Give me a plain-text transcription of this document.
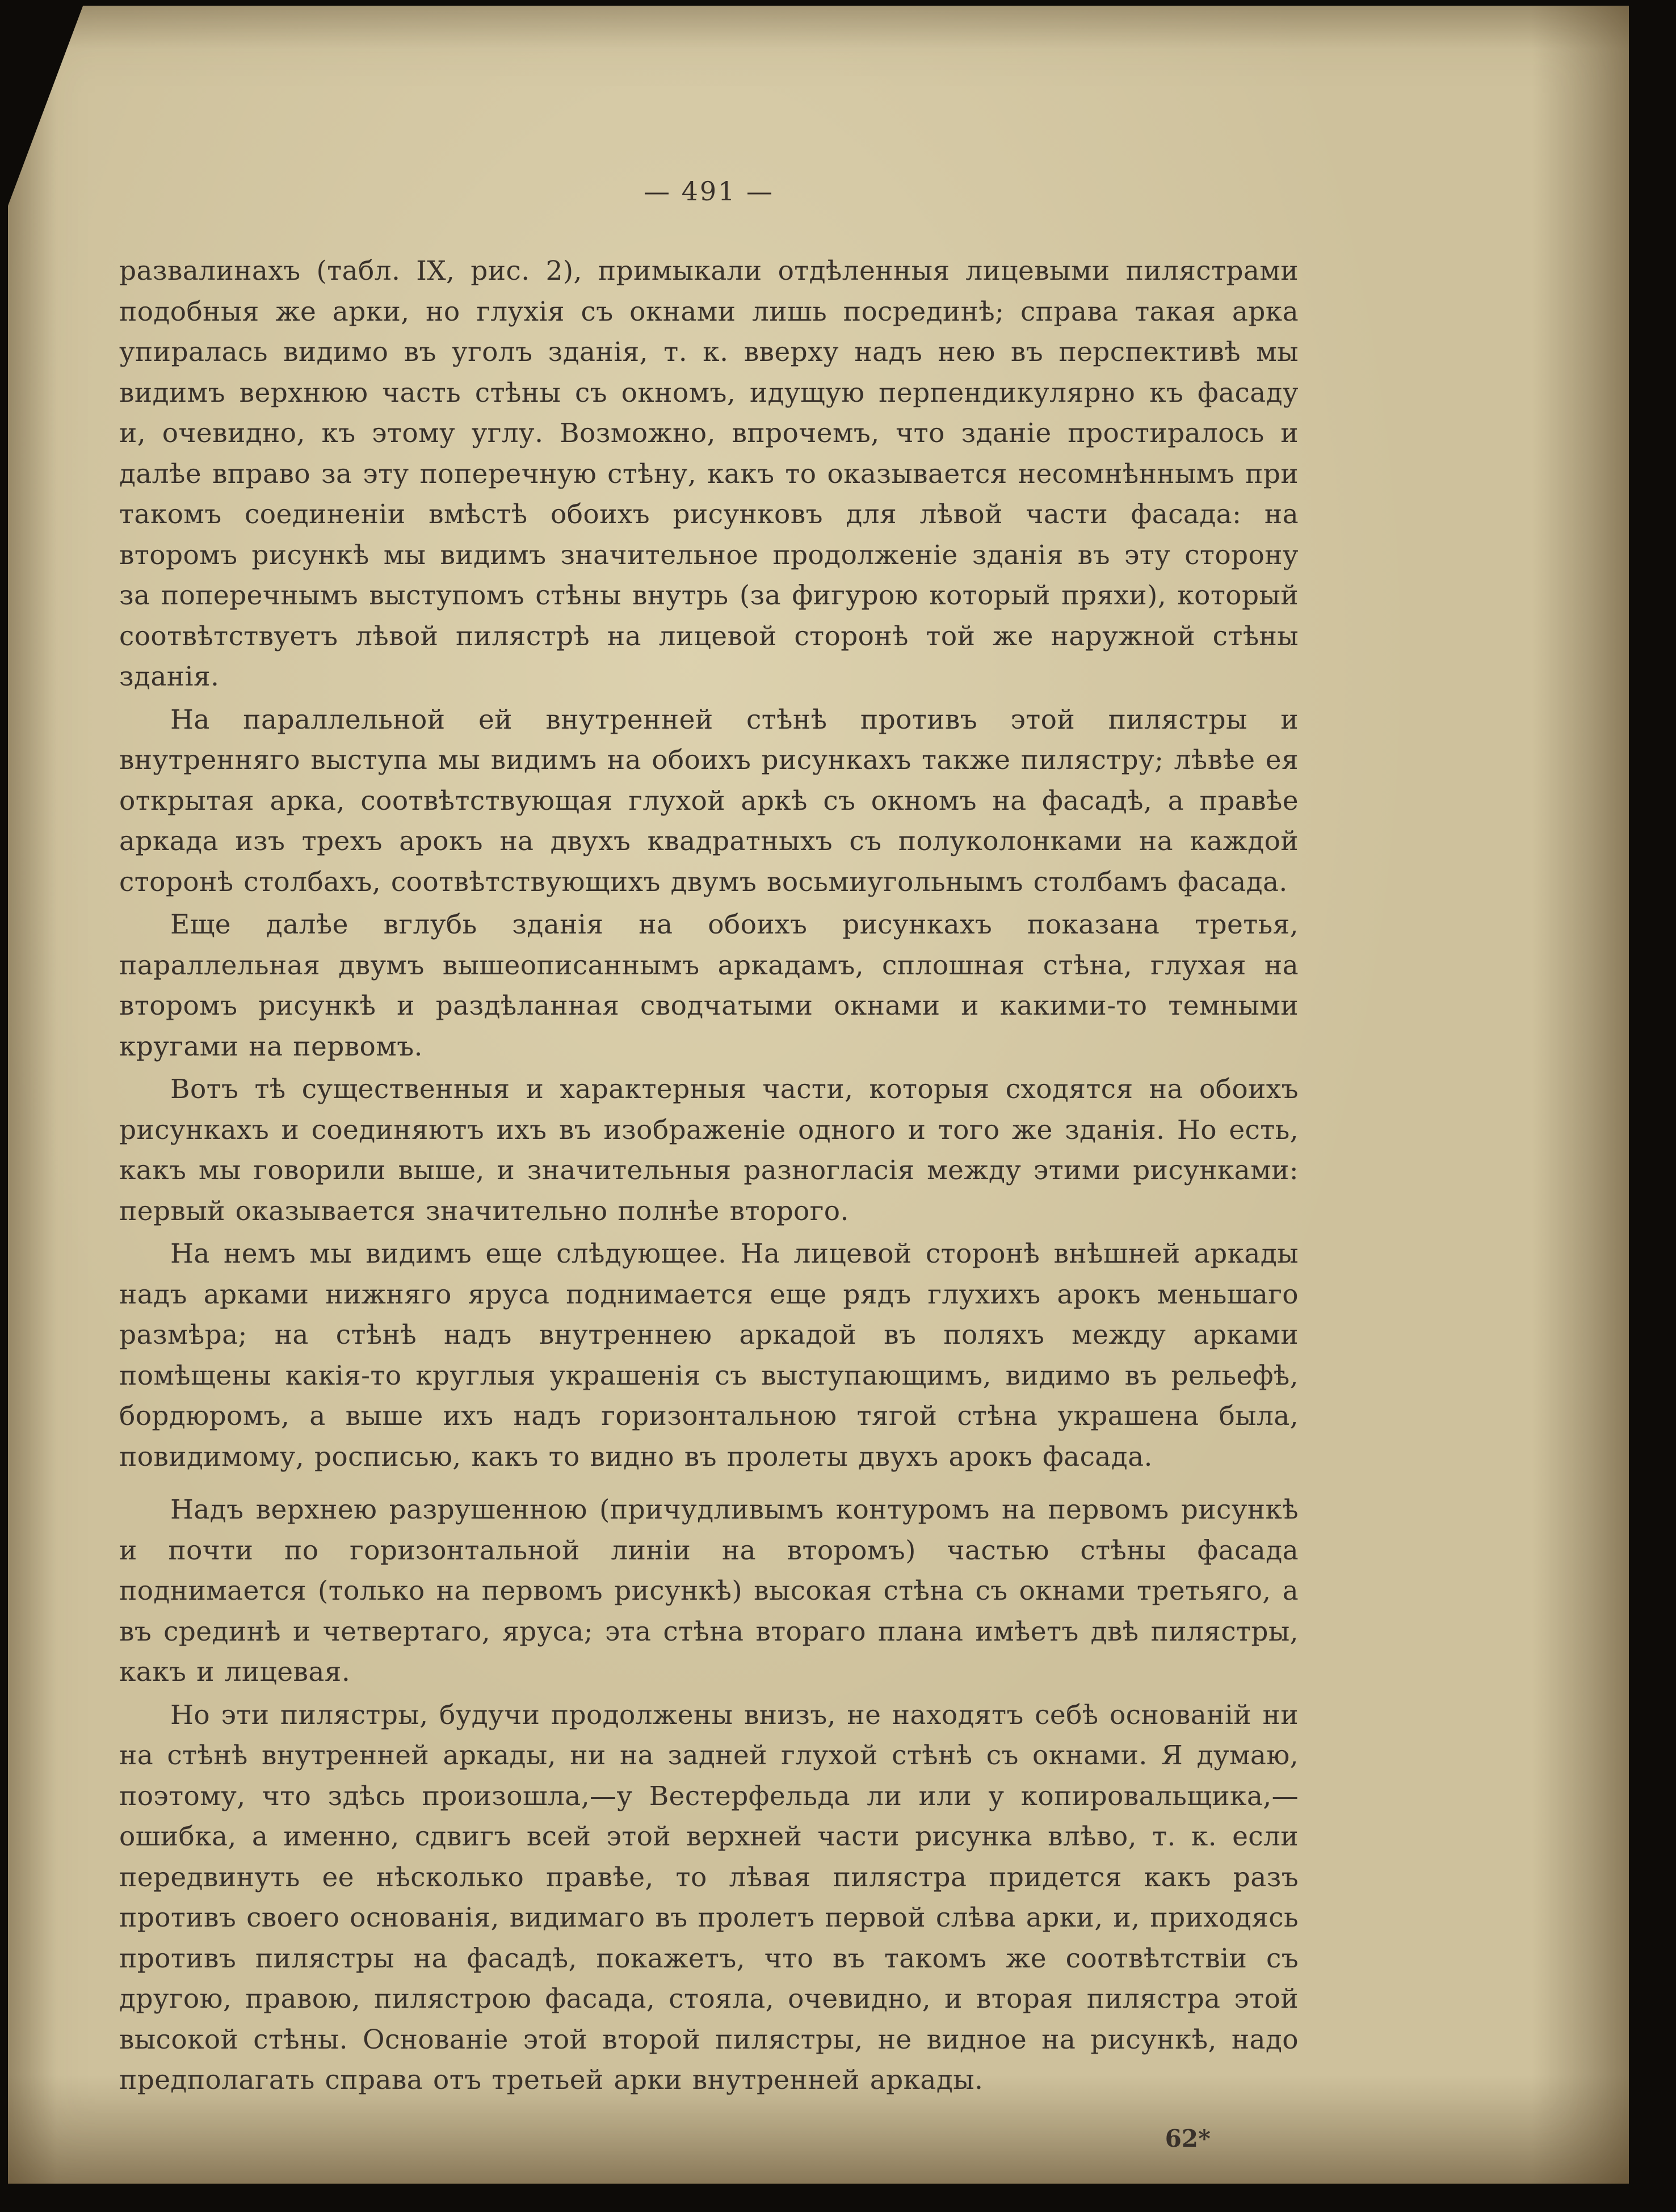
— 491 —

развалинахъ (табл. IX, рис. 2), примыкали отдѣленныя лицевыми пилястрами подобныя же арки, но глухія съ окнами лишь посрединѣ; справа такая арка упиралась видимо въ уголъ зданія, т. к. вверху надъ нею въ перспективѣ мы видимъ верхнюю часть стѣны съ окномъ, идущую перпендикулярно къ фасаду и, очевидно, къ этому углу. Возможно, впрочемъ, что зданіе простиралось и далѣе вправо за эту поперечную стѣну, какъ то оказывается несомнѣннымъ при такомъ соединеніи вмѣстѣ обоихъ рисунковъ для лѣвой части фасада: на второмъ рисункѣ мы видимъ значительное продолженіе зданія въ эту сторону за поперечнымъ выступомъ стѣны внутрь (за фигурою который пряхи), который соотвѣтствуетъ лѣвой пилястрѣ на лицевой сторонѣ той же наружной стѣны зданія.

На параллельной ей внутренней стѣнѣ противъ этой пилястры и внутренняго выступа мы видимъ на обоихъ рисункахъ также пилястру; лѣвѣе ея открытая арка, соотвѣтствующая глухой аркѣ съ окномъ на фасадѣ, а правѣе аркада изъ трехъ арокъ на двухъ квадратныхъ съ полуколонками на каждой сторонѣ столбахъ, соотвѣтствующихъ двумъ восьмиугольнымъ столбамъ фасада.

Еще далѣе вглубь зданія на обоихъ рисункахъ показана третья, параллельная двумъ вышеописаннымъ аркадамъ, сплошная стѣна, глухая на второмъ рисункѣ и раздѣланная сводчатыми окнами и какими-то темными кругами на первомъ.

Вотъ тѣ существенныя и характерныя части, которыя сходятся на обоихъ рисункахъ и соединяютъ ихъ въ изображеніе одного и того же зданія. Но есть, какъ мы говорили выше, и значительныя разногласія между этими рисунками: первый оказывается значительно полнѣе второго.

На немъ мы видимъ еще слѣдующее. На лицевой сторонѣ внѣшней аркады надъ арками нижняго яруса поднимается еще рядъ глухихъ арокъ меньшаго размѣра; на стѣнѣ надъ внутреннею аркадой въ поляхъ между арками помѣщены какія-то круглыя украшенія съ выступающимъ, видимо въ рельефѣ, бордюромъ, а выше ихъ надъ горизонтальною тягой стѣна украшена была, повидимому, росписью, какъ то видно въ пролеты двухъ арокъ фасада.

Надъ верхнею разрушенною (причудливымъ контуромъ на первомъ рисункѣ и почти по горизонтальной линіи на второмъ) частью стѣны фасада поднимается (только на первомъ рисункѣ) высокая стѣна съ окнами третьяго, а въ срединѣ и четвертаго, яруса; эта стѣна втораго плана имѣетъ двѣ пилястры, какъ и лицевая.

Но эти пилястры, будучи продолжены внизъ, не находятъ себѣ основаній ни на стѣнѣ внутренней аркады, ни на задней глухой стѣнѣ съ окнами. Я думаю, поэтому, что здѣсь произошла,—у Вестерфельда ли или у копировальщика,—ошибка, а именно, сдвигъ всей этой верхней части рисунка влѣво, т. к. если передвинуть ее нѣсколько правѣе, то лѣвая пилястра придется какъ разъ противъ своего основанія, видимаго въ пролетъ первой слѣва арки, и, приходясь противъ пилястры на фасадѣ, покажетъ, что въ такомъ же соотвѣтствіи съ другою, правою, пилястрою фасада, стояла, очевидно, и вторая пилястра этой высокой стѣны. Основаніе этой второй пилястры, не видное на рисункѣ, надо предполагать справа отъ третьей арки внутренней аркады.

62*
